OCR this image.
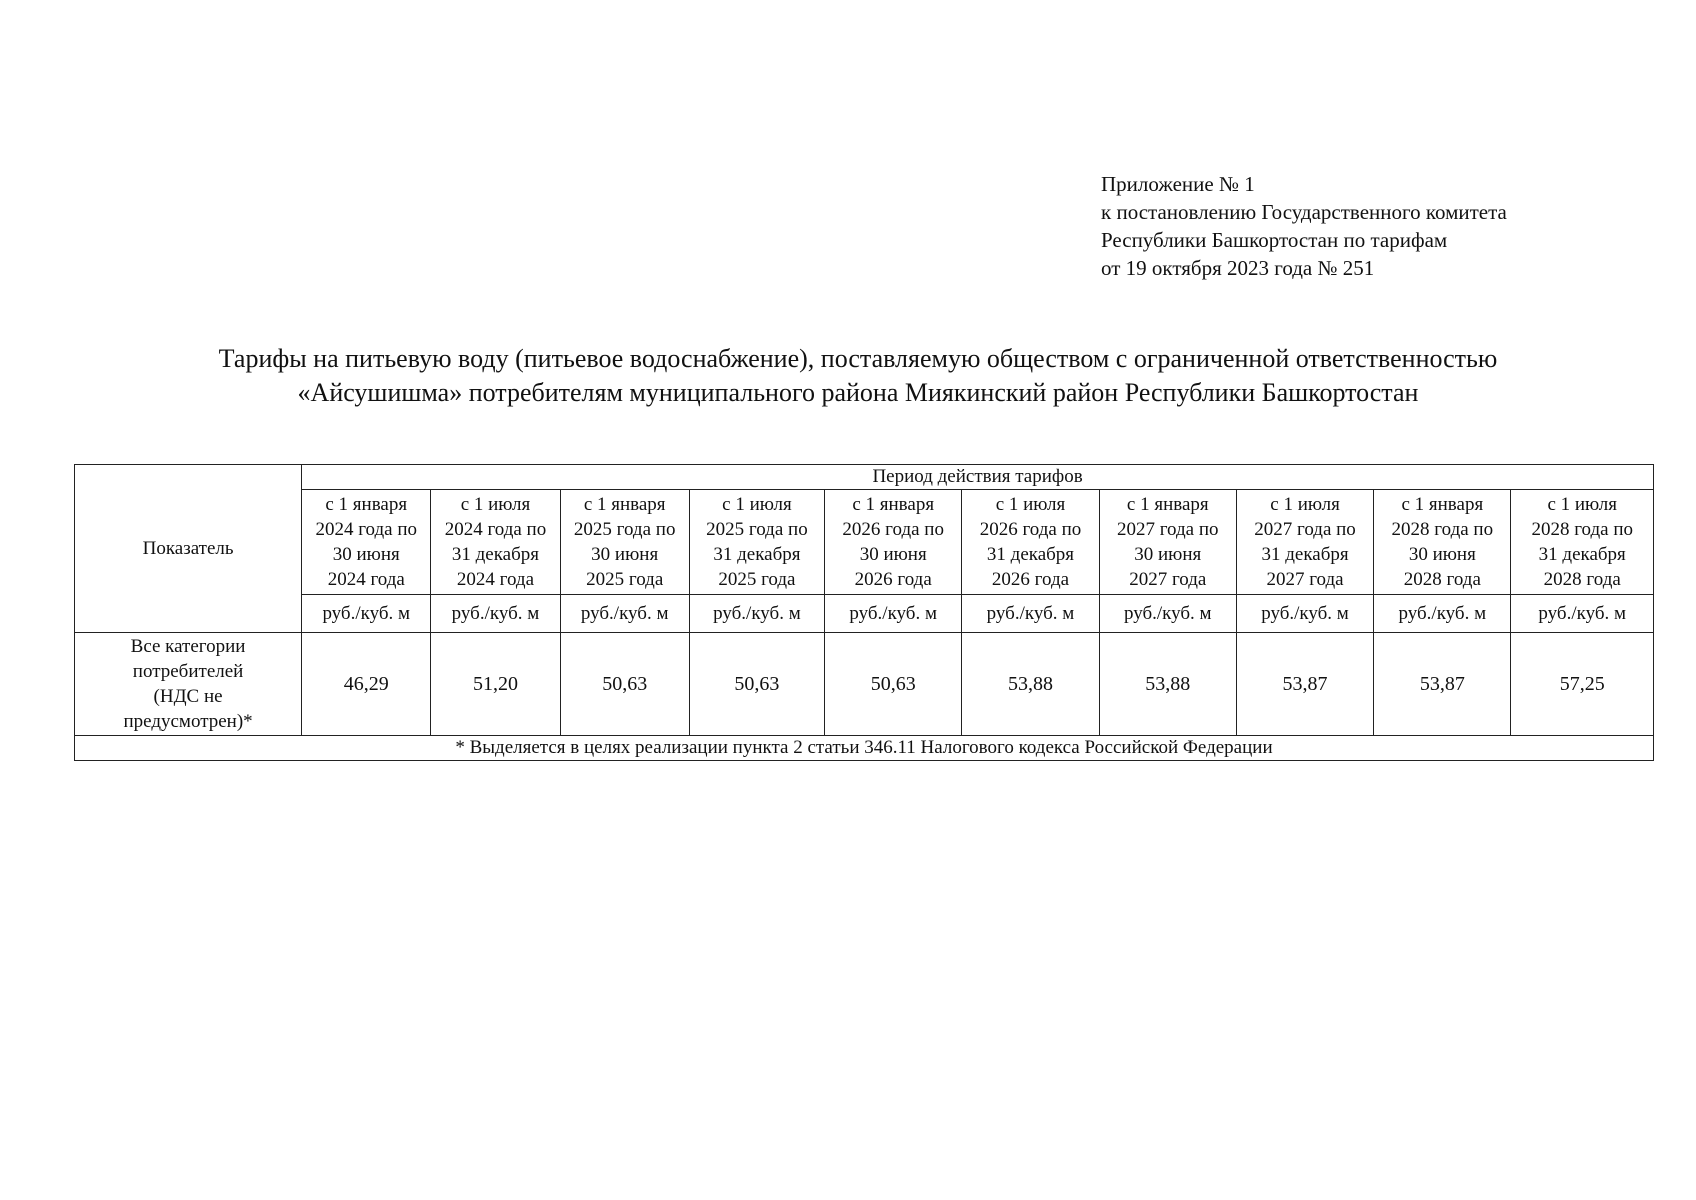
Приложение № 1
к постановлению Государственного комитета
Республики Башкортостан по тарифам
от 19 октября 2023 года № 251
Тарифы на питьевую воду (питьевое водоснабжение), поставляемую обществом с ограниченной ответственностью
«Айсушишма» потребителям муниципального района Миякинский район Республики Башкортостан
Показатель	Период действия тарифов									
	с 1 января
2024 года по
30 июня
2024 года	с 1 июля
2024 года по
31 декабря
2024 года	с 1 января
2025 года по
30 июня
2025 года	с 1 июля
2025 года по
31 декабря
2025 года	с 1 января
2026 года по
30 июня
2026 года	с 1 июля
2026 года по
31 декабря
2026 года	с 1 января
2027 года по
30 июня
2027 года	с 1 июля
2027 года по
31 декабря
2027 года	с 1 января
2028 года по
30 июня
2028 года	с 1 июля
2028 года по
31 декабря
2028 года
	руб./куб. м	руб./куб. м	руб./куб. м	руб./куб. м	руб./куб. м	руб./куб. м	руб./куб. м	руб./куб. м	руб./куб. м	руб./куб. м
Все категории
потребителей
(НДС не
предусмотрен)*	46,29	51,20	50,63	50,63	50,63	53,88	53,88	53,87	53,87	57,25
* Выделяется в целях реализации пункта 2 статьи 346.11 Налогового кодекса Российской Федерации										
